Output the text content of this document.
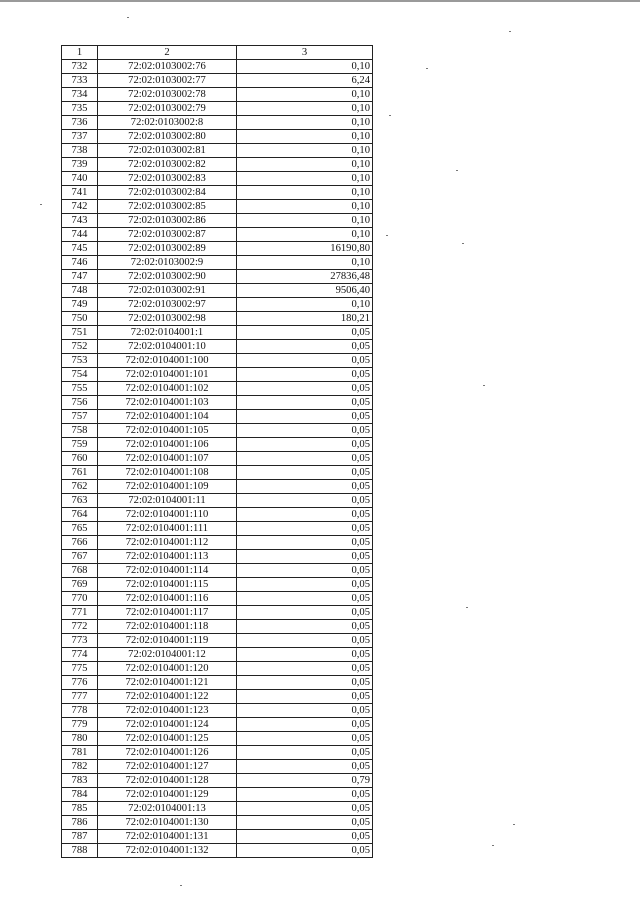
1	2	3
732	72:02:0103002:76	0,10
733	72:02:0103002:77	6,24
734	72:02:0103002:78	0,10
735	72:02:0103002:79	0,10
736	72:02:0103002:8	0,10
737	72:02:0103002:80	0,10
738	72:02:0103002:81	0,10
739	72:02:0103002:82	0,10
740	72:02:0103002:83	0,10
741	72:02:0103002:84	0,10
742	72:02:0103002:85	0,10
743	72:02:0103002:86	0,10
744	72:02:0103002:87	0,10
745	72:02:0103002:89	16190,80
746	72:02:0103002:9	0,10
747	72:02:0103002:90	27836,48
748	72:02:0103002:91	9506,40
749	72:02:0103002:97	0,10
750	72:02:0103002:98	180,21
751	72:02:0104001:1	0,05
752	72:02:0104001:10	0,05
753	72:02:0104001:100	0,05
754	72:02:0104001:101	0,05
755	72:02:0104001:102	0,05
756	72:02:0104001:103	0,05
757	72:02:0104001:104	0,05
758	72:02:0104001:105	0,05
759	72:02:0104001:106	0,05
760	72:02:0104001:107	0,05
761	72:02:0104001:108	0,05
762	72:02:0104001:109	0,05
763	72:02:0104001:11	0,05
764	72:02:0104001:110	0,05
765	72:02:0104001:111	0,05
766	72:02:0104001:112	0,05
767	72:02:0104001:113	0,05
768	72:02:0104001:114	0,05
769	72:02:0104001:115	0,05
770	72:02:0104001:116	0,05
771	72:02:0104001:117	0,05
772	72:02:0104001:118	0,05
773	72:02:0104001:119	0,05
774	72:02:0104001:12	0,05
775	72:02:0104001:120	0,05
776	72:02:0104001:121	0,05
777	72:02:0104001:122	0,05
778	72:02:0104001:123	0,05
779	72:02:0104001:124	0,05
780	72:02:0104001:125	0,05
781	72:02:0104001:126	0,05
782	72:02:0104001:127	0,05
783	72:02:0104001:128	0,79
784	72:02:0104001:129	0,05
785	72:02:0104001:13	0,05
786	72:02:0104001:130	0,05
787	72:02:0104001:131	0,05
788	72:02:0104001:132	0,05
